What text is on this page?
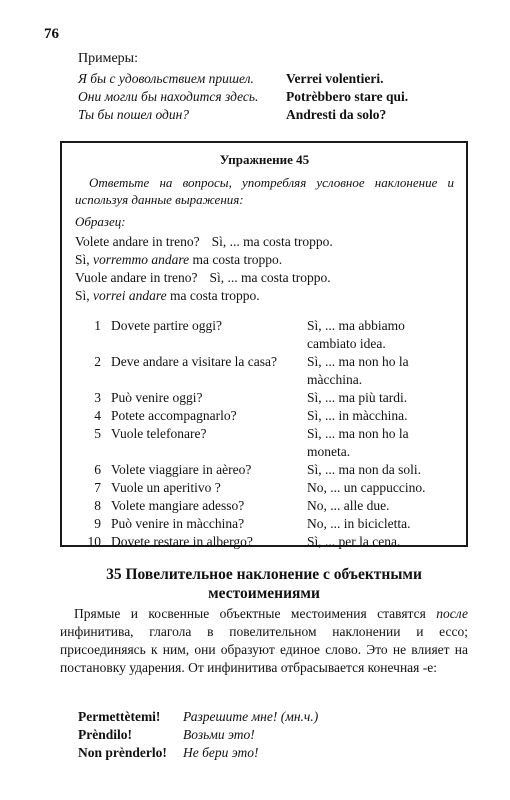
76
Примеры:
Я бы с удовольствием пришел.	Verrei volentieri.
Они могли бы находится здесь.	Potrèbbero stare qui.
Ты бы пошел один?	Andresti da solo?
Упражнение 45
Ответьте на вопросы, употребляя условное наклонение и используя данные выражения:
Образец:
Volete andare in treno? Sì, ... ma costa troppo.
Sì, vorremmo andare ma costa troppo.
Vuole andare in treno? Sì, ... ma costa troppo.
Sì, vorrei andare ma costa troppo.
1 Dovete partire oggi?	Sì, ... ma abbiamo cambiato idea.
2 Deve andare a visitare la casa?	Sì, ... ma non ho la màcchina.
3 Può venire oggi?	Sì, ... ma più tardi.
4 Potete accompagnarlo?	Sì, ... in màcchina.
5 Vuole telefonare?	Sì, ... ma non ho la moneta.
6 Volete viaggiare in aèreo?	Sì, ... ma non da soli.
7 Vuole un aperitivo ?	No, ... un cappuccino.
8 Volete mangiare adesso?	No, ... alle due.
9 Può venire in màcchina?	No, ... in bicicletta.
10 Dovete restare in albergo?	Sì, ... per la cena.
35 Повелительное наклонение с объектными местоимениями
Прямые и косвенные объектные местоимения ставятся после инфинитива, глагола в повелительном наклонении и ессо; присоединяясь к ним, они образуют единое слово. Это не влияет на постановку ударения. От инфинитива отбрасывается конечная -е:
Permettètemi!	Разрешите мне! (мн.ч.)
Prèndilo!	Возьми это!
Non prènderlo!	Не бери это!
